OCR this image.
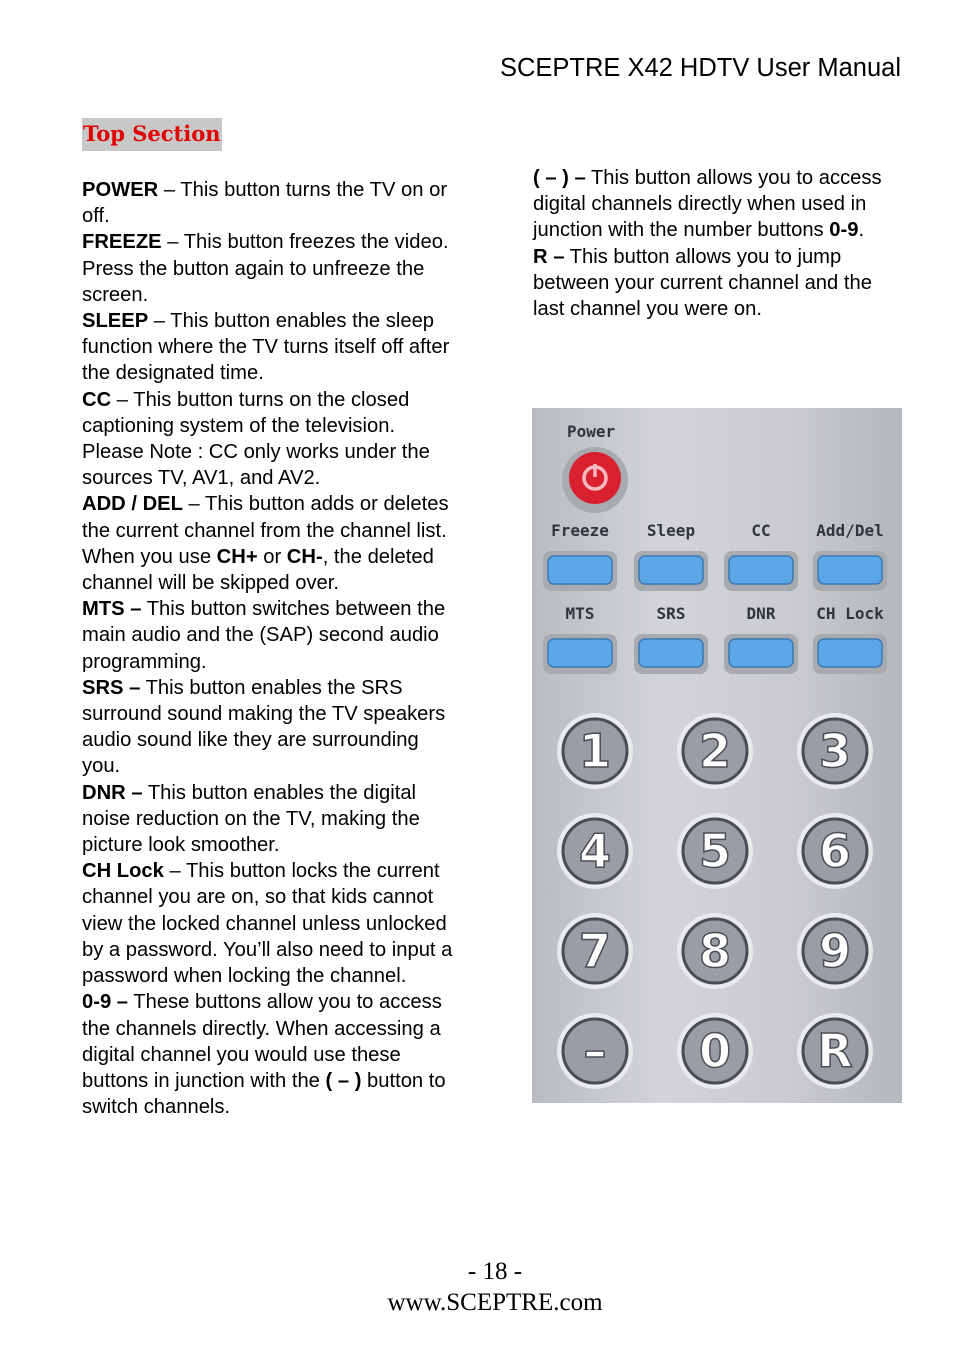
SCEPTRE X42 HDTV User Manual
Top Section

POWER – This button turns the TV on or off.

FREEZE – This button freezes the video. Press the button again to unfreeze the screen.

SLEEP – This button enables the sleep function where the TV turns itself off after the designated time.

CC – This button turns on the closed captioning system of the television. Please Note : CC only works under the sources TV, AV1, and AV2.

ADD / DEL – This button adds or deletes the current channel from the channel list. When you use CH+ or CH-, the deleted channel will be skipped over.

MTS – This button switches between the main audio and the (SAP) second audio programming.

SRS – This button enables the SRS surround sound making the TV speakers audio sound like they are surrounding you.

DNR – This button enables the digital noise reduction on the TV, making the picture look smoother.

CH Lock – This button locks the current channel you are on, so that kids cannot view the locked channel unless unlocked by a password. You’ll also need to input a password when locking the channel.

0-9 – These buttons allow you to access the channels directly. When accessing a digital channel you would use these buttons in junction with the ( – ) button to switch channels.

( – ) – This button allows you to access digital channels directly when used in junction with the number buttons 0-9.

R – This button allows you to jump between your current channel and the last channel you were on.

Power
Freeze Sleep	CC	Add/Del
MTS	SRS	DNR	CH Lock
1 2 3
4 5 6
7 8 9
– 0 R
- 18 -
www.SCEPTRE.com
